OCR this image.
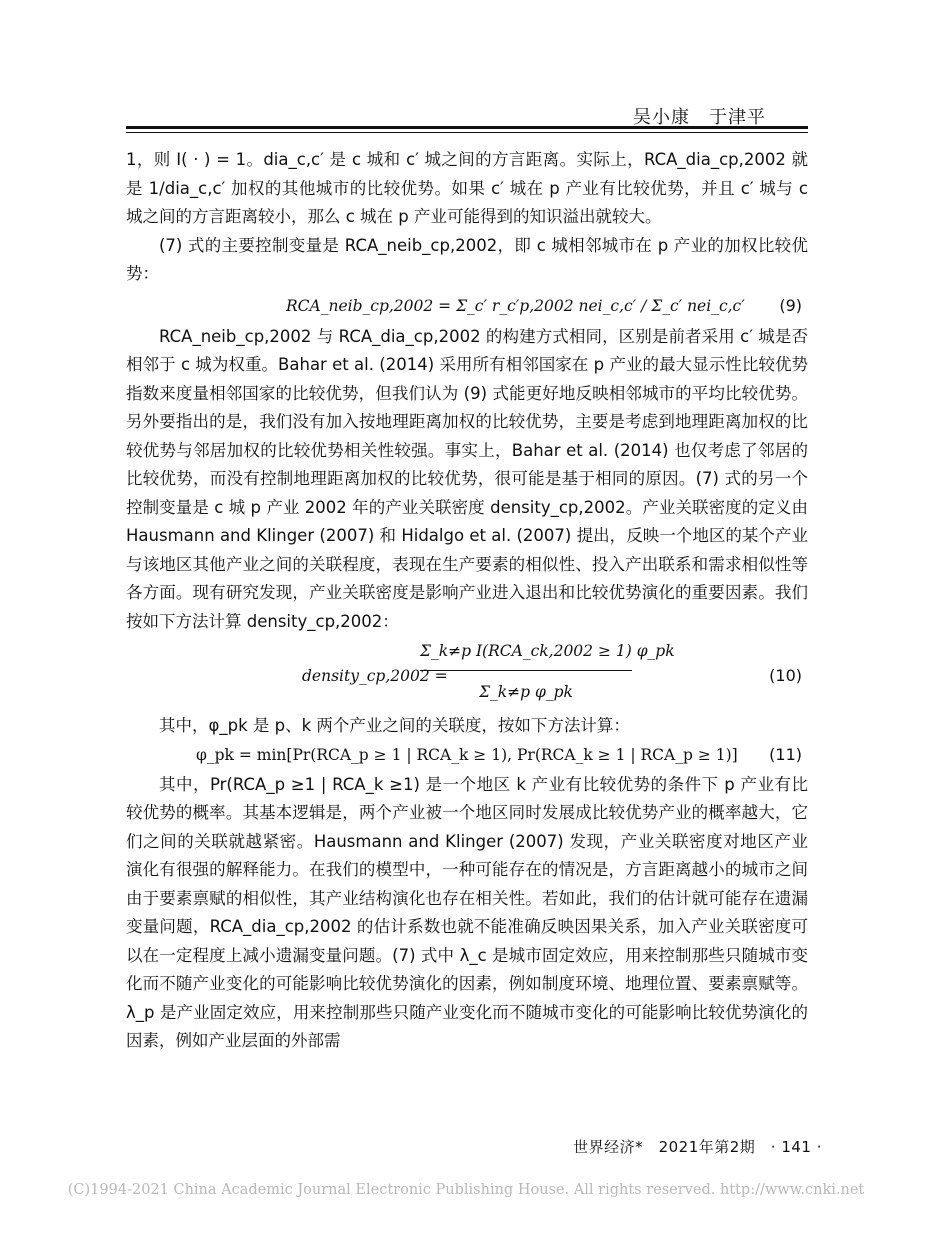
吴小康　于津平

1，则 I( · ) = 1。dia_c,c′ 是 c 城和 c′ 城之间的方言距离。实际上，RCA_dia_cp,2002 就是 1/dia_c,c′ 加权的其他城市的比较优势。如果 c′ 城在 p 产业有比较优势，并且 c′ 城与 c 城之间的方言距离较小，那么 c 城在 p 产业可能得到的知识溢出就较大。

(7) 式的主要控制变量是 RCA_neib_cp,2002，即 c 城相邻城市在 p 产业的加权比较优势：

RCA_neib_cp,2002 = Σ_c′ r_c′p,2002 nei_c,c′ / Σ_c′ nei_c,c′ (9)

RCA_neib_cp,2002 与 RCA_dia_cp,2002 的构建方式相同，区别是前者采用 c′ 城是否相邻于 c 城为权重。Bahar et al. (2014) 采用所有相邻国家在 p 产业的最大显示性比较优势指数来度量相邻国家的比较优势，但我们认为 (9) 式能更好地反映相邻城市的平均比较优势。另外要指出的是，我们没有加入按地理距离加权的比较优势，主要是考虑到地理距离加权的比较优势与邻居加权的比较优势相关性较强。事实上，Bahar et al. (2014) 也仅考虑了邻居的比较优势，而没有控制地理距离加权的比较优势，很可能是基于相同的原因。(7) 式的另一个控制变量是 c 城 p 产业 2002 年的产业关联密度 density_cp,2002。产业关联密度的定义由 Hausmann and Klinger (2007) 和 Hidalgo et al. (2007) 提出，反映一个地区的某个产业与该地区其他产业之间的关联程度，表现在生产要素的相似性、投入产出联系和需求相似性等各方面。现有研究发现，产业关联密度是影响产业进入退出和比较优势演化的重要因素。我们按如下方法计算 density_cp,2002：

density_cp,2002 =
Σ_k≠p I(RCA_ck,2002 ≥ 1) φ_pk
Σ_k≠p φ_pk
(10)

其中，φ_pk 是 p、k 两个产业之间的关联度，按如下方法计算：

φ_pk = min[Pr(RCA_p ≥ 1 | RCA_k ≥ 1), Pr(RCA_k ≥ 1 | RCA_p ≥ 1)] (11)

其中，Pr(RCA_p ≥1 | RCA_k ≥1) 是一个地区 k 产业有比较优势的条件下 p 产业有比较优势的概率。其基本逻辑是，两个产业被一个地区同时发展成比较优势产业的概率越大，它们之间的关联就越紧密。Hausmann and Klinger (2007) 发现，产业关联密度对地区产业演化有很强的解释能力。在我们的模型中，一种可能存在的情况是，方言距离越小的城市之间由于要素禀赋的相似性，其产业结构演化也存在相关性。若如此，我们的估计就可能存在遗漏变量问题，RCA_dia_cp,2002 的估计系数也就不能准确反映因果关系，加入产业关联密度可以在一定程度上减小遗漏变量问题。(7) 式中 λ_c 是城市固定效应，用来控制那些只随城市变化而不随产业变化的可能影响比较优势演化的因素，例如制度环境、地理位置、要素禀赋等。λ_p 是产业固定效应，用来控制那些只随产业变化而不随城市变化的可能影响比较优势演化的因素，例如产业层面的外部需

世界经济*　2021年第2期　· 141 ·
(C)1994-2021 China Academic Journal Electronic Publishing House. All rights reserved. http://www.cnki.net
